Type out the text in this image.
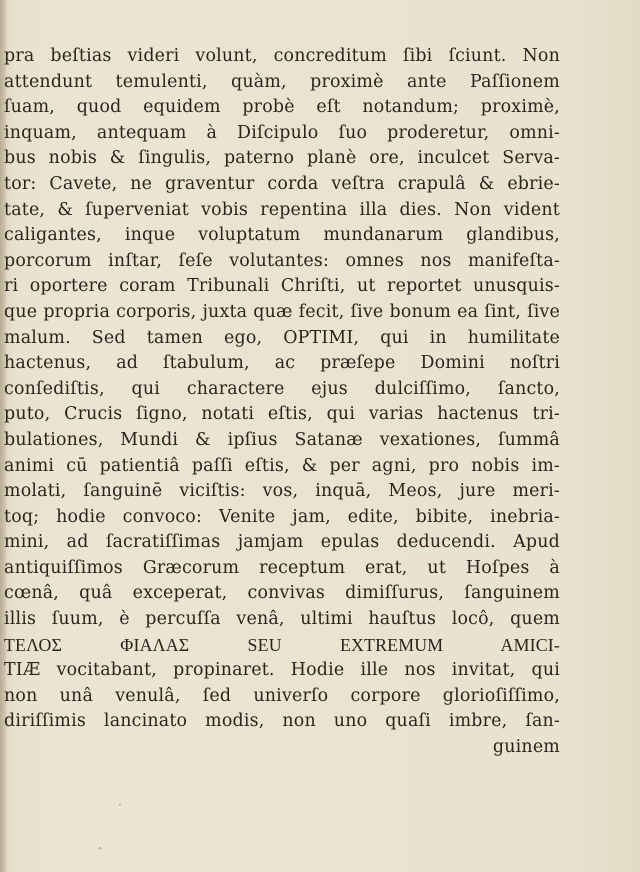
pra beſtias videri volunt, concreditum ſibi ſciunt. Non
attendunt temulenti, quàm, proximè ante Paſſionem
ſuam, quod equidem probè eſt notandum; proximè,
inquam, antequam à Diſcipulo ſuo proderetur, omni-
bus nobis & ſingulis, paterno planè ore, inculcet Serva-
tor: Cavete, ne graventur corda veſtra crapulâ & ebrie-
tate, & ſuperveniat vobis repentina illa dies. Non vident
caligantes, inque voluptatum mundanarum glandibus,
porcorum inſtar, ſeſe volutantes: omnes nos manifeſta-
ri oportere coram Tribunali Chriſti, ut reportet unusquis-
que propria corporis, juxta quæ fecit, ſive bonum ea ſint, ſive
malum. Sed tamen ego, OPTIMI, qui in humilitate
hactenus, ad ſtabulum, ac præſepe Domini noſtri
conſediſtis, qui charactere ejus dulciſſimo, ſancto,
puto, Crucis ſigno, notati eſtis, qui varias hactenus tri-
bulationes, Mundi & ipſius Satanæ vexationes, ſummâ
animi cū patientiâ paſſi eſtis, & per agni, pro nobis im-
molati, ſanguinē viciſtis: vos, inquā, Meos, jure meri-
toq; hodie convoco: Venite jam, edite, bibite, inebria-
mini, ad ſacratiſſimas jamjam epulas deducendi. Apud
antiquiſſimos Græcorum receptum erat, ut Hoſpes à
cœnâ, quâ exceperat, convivas dimiſſurus, ſanguinem
illis ſuum, è percuſſa venâ, ultimi hauſtus locô, quem
ΤΕΛΟΣ ΦΙΑΛΑΣ SEU EXTREMUM AMICI-
TIÆ vocitabant, propinaret. Hodie ille nos invitat, qui
non unâ venulâ, ſed univerſo corpore glorioſiſſimo,
diriſſimis lancinato modis, non uno quaſi imbre, ſan-
guinem
·
ˆ
